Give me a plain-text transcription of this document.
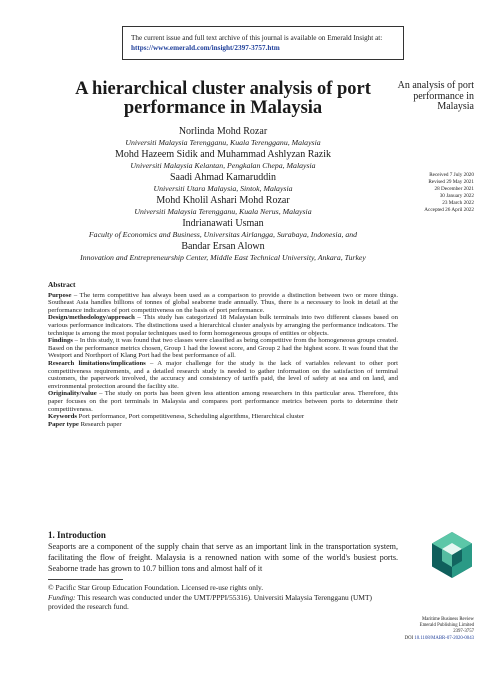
The current issue and full text archive of this journal is available on Emerald Insight at:
https://www.emerald.com/insight/2397-3757.htm
A hierarchical cluster analysis of port performance in Malaysia
Norlinda Mohd Rozar
Universiti Malaysia Terengganu, Kuala Terengganu, Malaysia
Mohd Hazeem Sidik and Muhammad Ashlyzan Razik
Universiti Malaysia Kelantan, Pengkalan Chepa, Malaysia
Saadi Ahmad Kamaruddin
Universiti Utara Malaysia, Sintok, Malaysia
Mohd Kholil Ashari Mohd Rozar
Universiti Malaysia Terengganu, Kuala Nerus, Malaysia
Indrianawati Usman
Faculty of Economics and Business, Universitas Airlangga, Surabaya, Indonesia, and
Bandar Ersan Alown
Innovation and Entrepreneurship Center, Middle East Technical University, Ankara, Turkey
An analysis of port performance in Malaysia
Received 7 July 2020
Revised 29 May 2021
28 December 2021
30 January 2022
23 March 2022
Accepted 26 April 2022
Abstract

Purpose – The term competitive has always been used as a comparison to provide a distinction between two or more things. Southeast Asia handles billions of tonnes of global seaborne trade annually. Thus, there is a necessary to look in detail at the performance indicators of port competitiveness on the basis of port performance.

Design/methodology/approach – This study has categorized 18 Malaysian bulk terminals into two different classes based on various performance indicators. The distinctions used a hierarchical cluster analysis by arranging the performance indicators. The technique is among the most popular techniques used to form homogeneous groups of entities or objects.

Findings – In this study, it was found that two classes were classified as being competitive from the homogeneous groups created. Based on the performance metrics chosen, Group 1 had the lowest score, and Group 2 had the highest score. It was found that the Westport and Northport of Klang Port had the best performance of all.

Research limitations/implications – A major challenge for the study is the lack of variables relevant to other port competitiveness requirements, and a detailed research study is needed to gather information on the satisfaction of terminal customers, the paperwork involved, the accuracy and consistency of tariffs paid, the level of safety at sea and on land, and environmental protection around the facility site.

Originality/value – The study on ports has been given less attention among researchers in this particular area. Therefore, this paper focuses on the port terminals in Malaysia and compares port performance metrics between ports to determine their competitiveness.

Keywords Port performance, Port competitiveness, Scheduling algorithms, Hierarchical cluster

Paper type Research paper

1. Introduction

Seaports are a component of the supply chain that serve as an important link in the transportation system, facilitating the flow of freight. Malaysia is a renowned nation with some of the world's busiest ports. Seaborne trade has grown to 10.7 billion tons and almost half of it

© Pacific Star Group Education Foundation. Licensed re-use rights only.

Funding: This research was conducted under the UMT/PPPI/55316). Universiti Malaysia Terengganu (UMT) provided the research fund.

Maritime Business Review
Emerald Publishing Limited
2397-3757
DOI 10.1108/MABR-07-2020-0043
